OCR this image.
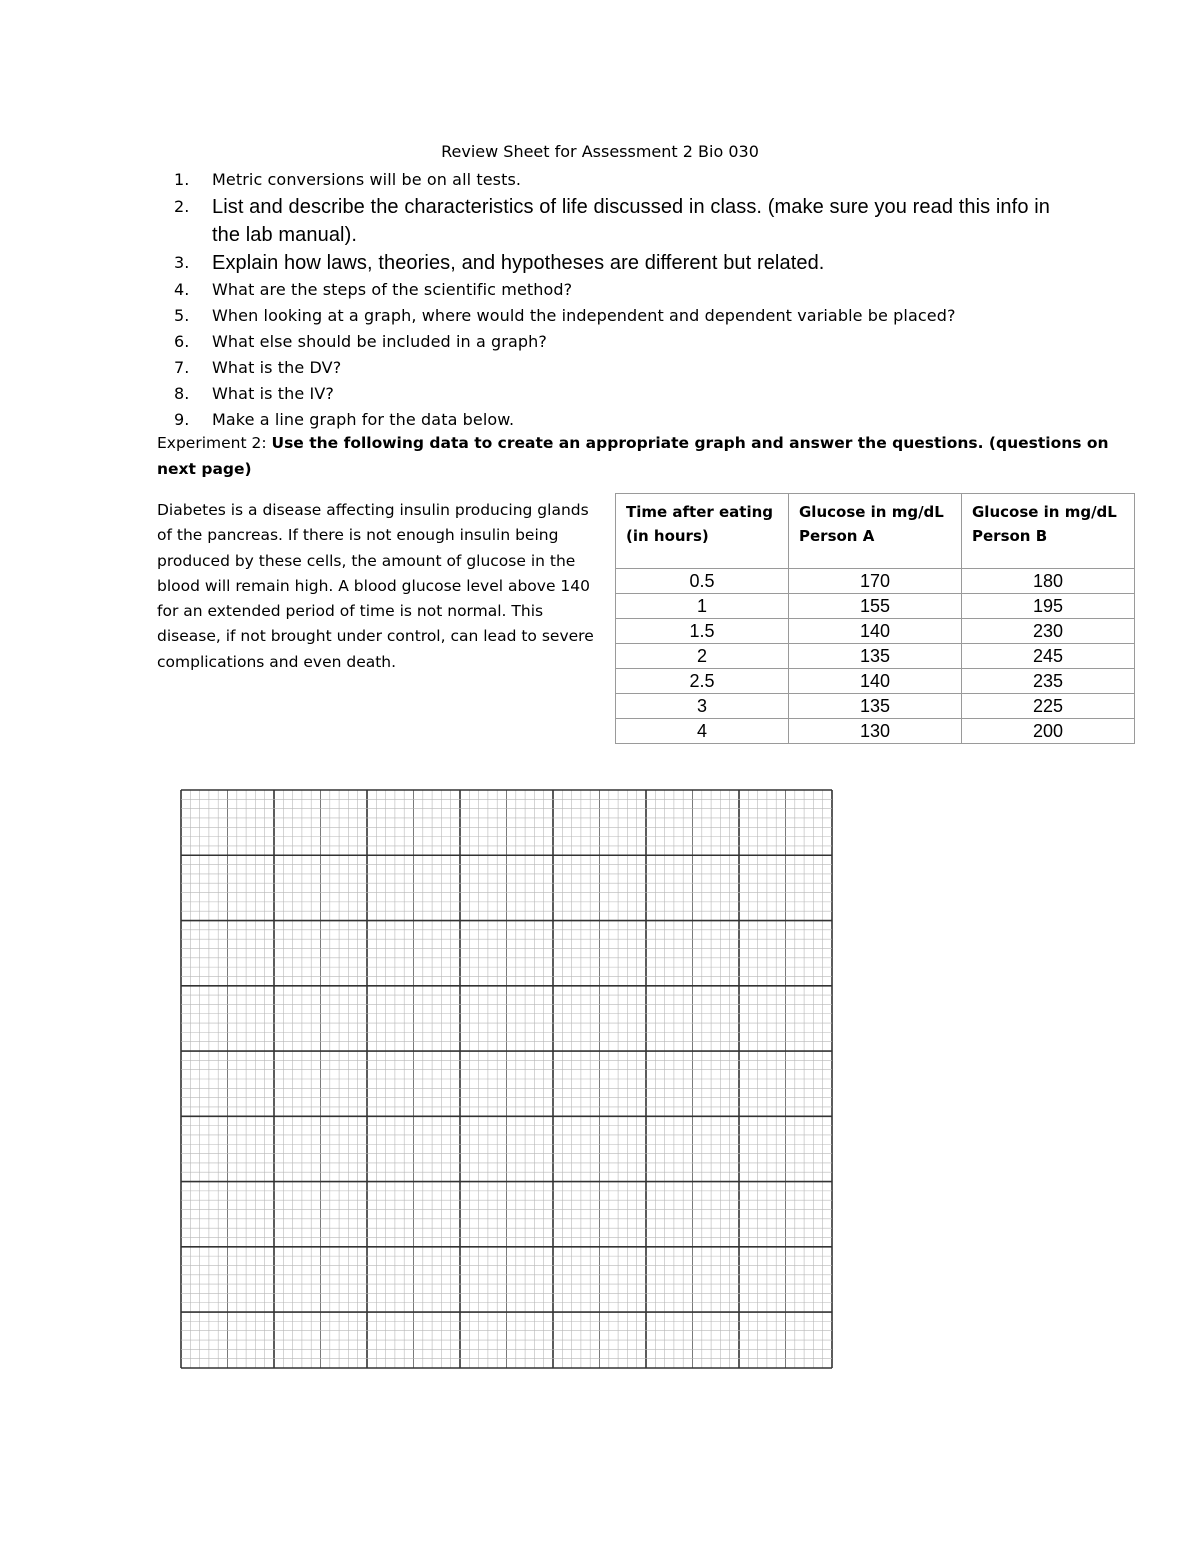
Review Sheet for Assessment 2 Bio 030
1. Metric conversions will be on all tests.
2. List and describe the characteristics of life discussed in class. (make sure you read this info in the lab manual).
3. Explain how laws, theories, and hypotheses are different but related.
4. What are the steps of the scientific method?
5. When looking at a graph, where would the independent and dependent variable be placed?
6. What else should be included in a graph?
7. What is the DV?
8. What is the IV?
9. Make a line graph for the data below.
Experiment 2: Use the following data to create an appropriate graph and answer the questions. (questions on next page)
Diabetes is a disease affecting insulin producing glands of the pancreas. If there is not enough insulin being produced by these cells, the amount of glucose in the blood will remain high. A blood glucose level above 140 for an extended period of time is not normal. This disease, if not brought under control, can lead to severe complications and even death.
Time after eating (in hours)	Glucose in mg/dL Person A	Glucose in mg/dL Person B
0.5	170	180
1	155	195
1.5	140	230
2	135	245
2.5	140	235
3	135	225
4	130	200
